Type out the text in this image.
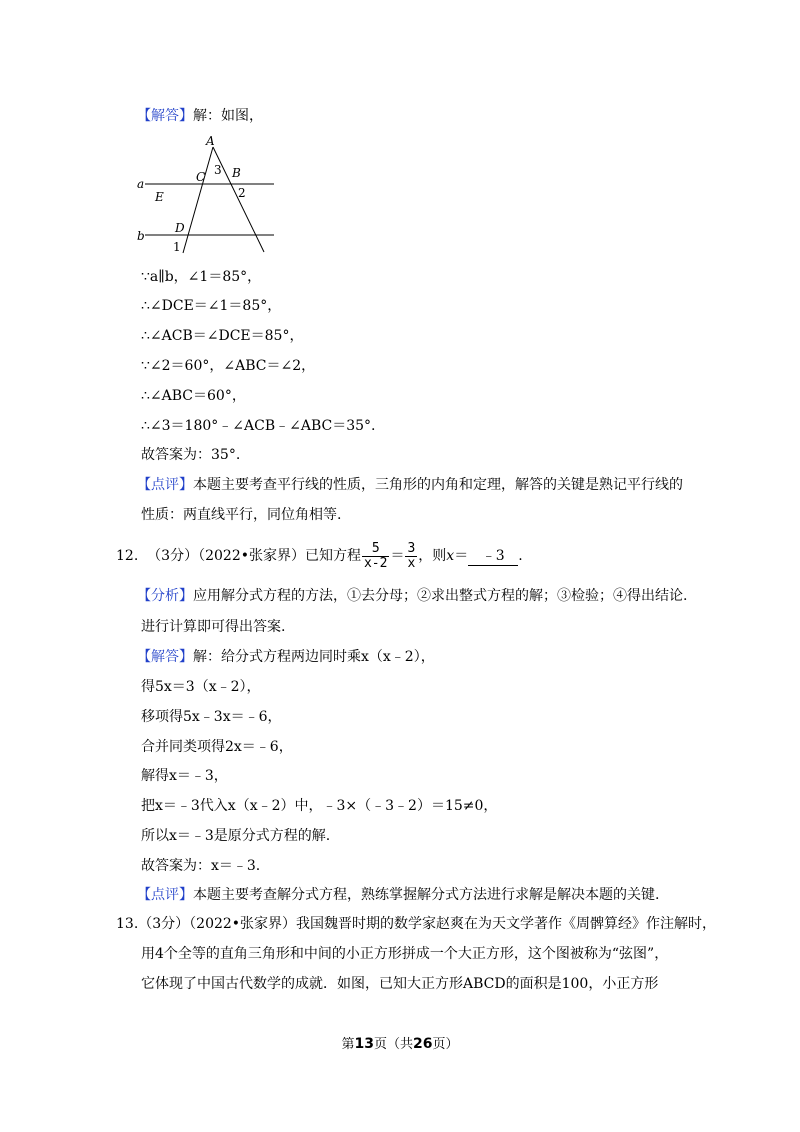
【解答】解：如图，
A
3
C B
2
a
E
D
b
1
∵a∥b，∠1＝85°，
∴∠DCE＝∠1＝85°，
∴∠ACB＝∠DCE＝85°，
∵∠2＝60°，∠ABC＝∠2，
∴∠ABC＝60°，
∴∠3＝180°﹣∠ACB﹣∠ABC＝35°.
故答案为：35°.
【点评】本题主要考查平行线的性质，三角形的内角和定理，解答的关键是熟记平行线的
性质：两直线平行，同位角相等.
12. （3分）（2022•张家界）已知方程 $\frac{5}{x-2} = \frac{3}{x}$ ，则x＝ ﹣3 .
【分析】应用解分式方程的方法，①去分母；②求出整式方程的解；③检验；④得出结论.
进行计算即可得出答案.
【解答】解：给分式方程两边同时乘x（x﹣2），
得5x＝3（x﹣2），
移项得5x﹣3x＝﹣6，
合并同类项得2x＝﹣6，
解得x＝﹣3，
把x＝﹣3代入x（x﹣2）中，﹣3×（﹣3﹣2）＝15≠0，
所以x＝﹣3是原分式方程的解.
故答案为：x＝﹣3.
【点评】本题主要考查解分式方程，熟练掌握解分式方法进行求解是解决本题的关键.
13.（3分）（2022•张家界）我国魏晋时期的数学家赵爽在为天文学著作《周髀算经》作注解时，
用4个全等的直角三角形和中间的小正方形拼成一个大正方形，这个图被称为“弦图”，
它体现了中国古代数学的成就．如图，已知大正方形ABCD的面积是100，小正方形
第13页（共26页）
